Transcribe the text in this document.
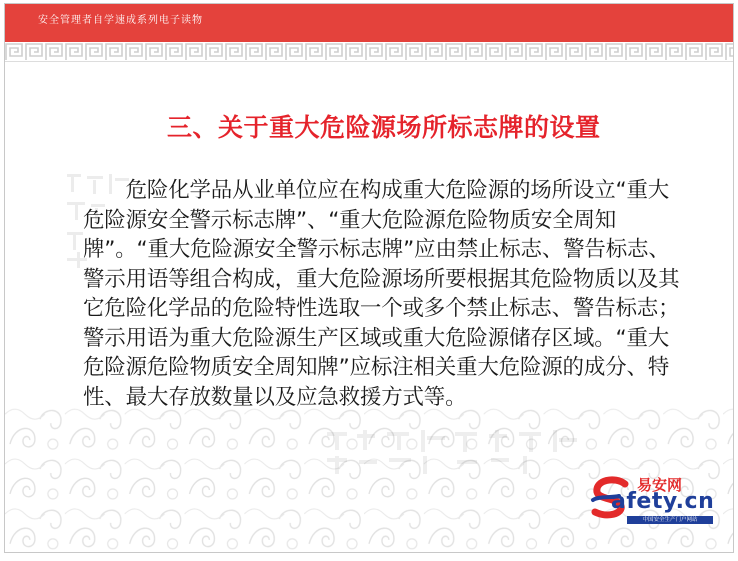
安全管理者自学速成系列电子读物
三、关于重大危险源场所标志牌的设置
　　危险化学品从业单位应在构成重大危险源的场所设立“重大危险源安全警示标志牌”、“重大危险源危险物质安全周知牌”。“重大危险源安全警示标志牌”应由禁止标志、警告标志、警示用语等组合构成，重大危险源场所要根据其危险物质以及其它危险化学品的危险特性选取一个或多个禁止标志、警告标志；警示用语为重大危险源生产区域或重大危险源储存区域。“重大危险源危险物质安全周知牌”应标注相关重大危险源的成分、特性、最大存放数量以及应急救援方式等。
易安网
afety.cn
中国安全生产门户网站
